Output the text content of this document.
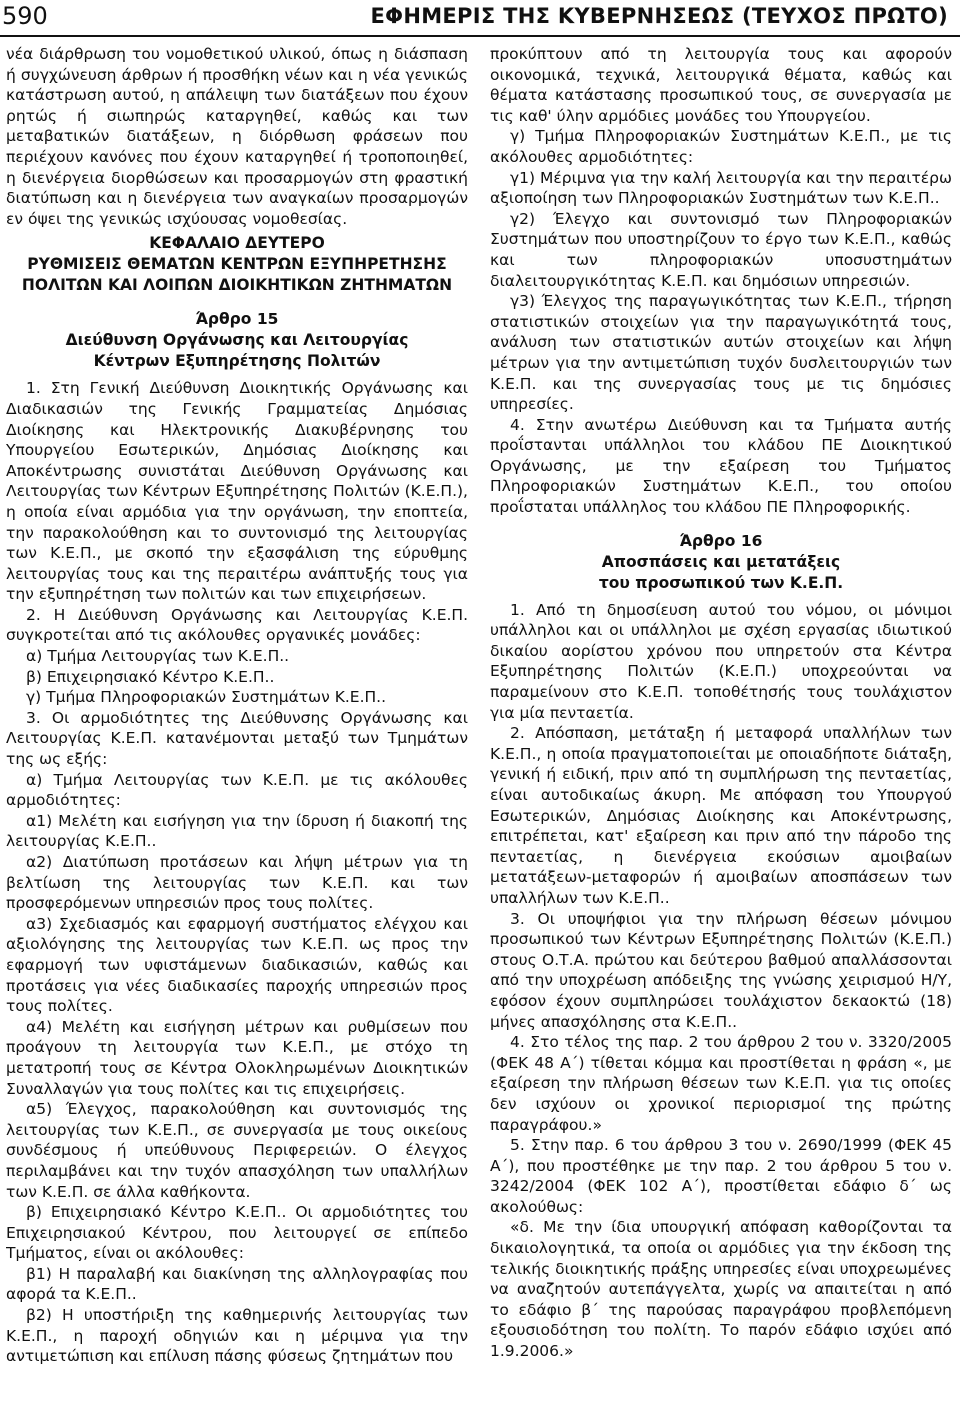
590	ΕΦΗΜΕΡΙΣ ΤΗΣ ΚΥΒΕΡΝΗΣΕΩΣ (ΤΕΥΧΟΣ ΠΡΩΤΟ)

νέα διάρθρωση του νομοθετικού υλικού, όπως η διάσπαση ή συγχώνευση άρθρων ή προσθήκη νέων και η νέα γενικώς κατάστρωση αυτού, η απάλειψη των διατάξεων που έχουν ρητώς ή σιωπηρώς καταργηθεί, καθώς και των μεταβατικών διατάξεων, η διόρθωση φράσεων που περιέχουν κανόνες που έχουν καταργηθεί ή τροποποιηθεί, η διενέργεια διορθώσεων και προσαρμογών στη φραστική διατύπωση και η διενέργεια των αναγκαίων προσαρμογών εν όψει της γενικώς ισχύουσας νομοθεσίας.

ΚΕΦΑΛΑΙΟ ΔΕΥΤΕΡΟ
ΡΥΘΜΙΣΕΙΣ ΘΕΜΑΤΩΝ ΚΕΝΤΡΩΝ ΕΞΥΠΗΡΕΤΗΣΗΣ
ΠΟΛΙΤΩΝ ΚΑΙ ΛΟΙΠΩΝ ΔΙΟΙΚΗΤΙΚΩΝ ΖΗΤΗΜΑΤΩΝ
Άρθρο 15
Διεύθυνση Οργάνωσης και Λειτουργίας
Κέντρων Εξυπηρέτησης Πολιτών

1. Στη Γενική Διεύθυνση Διοικητικής Οργάνωσης και Διαδικασιών της Γενικής Γραμματείας Δημόσιας Διοίκησης και Ηλεκτρονικής Διακυβέρνησης του Υπουργείου Εσωτερικών, Δημόσιας Διοίκησης και Αποκέντρωσης συνιστάται Διεύθυνση Οργάνωσης και Λειτουργίας των Κέντρων Εξυπηρέτησης Πολιτών (Κ.Ε.Π.), η οποία είναι αρμόδια για την οργάνωση, την εποπτεία, την παρακολούθηση και το συντονισμό της λειτουργίας των Κ.Ε.Π., με σκοπό την εξασφάλιση της εύρυθμης λειτουργίας τους και της περαιτέρω ανάπτυξής τους για την εξυπηρέτηση των πολιτών και των επιχειρήσεων.

2. Η Διεύθυνση Οργάνωσης και Λειτουργίας Κ.Ε.Π. συγκροτείται από τις ακόλουθες οργανικές μονάδες:

α) Τμήμα Λειτουργίας των Κ.Ε.Π..

β) Επιχειρησιακό Κέντρο Κ.Ε.Π..

γ) Τμήμα Πληροφοριακών Συστημάτων Κ.Ε.Π..

3. Οι αρμοδιότητες της Διεύθυνσης Οργάνωσης και Λειτουργίας Κ.Ε.Π. κατανέμονται μεταξύ των Τμημάτων της ως εξής:

α) Τμήμα Λειτουργίας των Κ.Ε.Π. με τις ακόλουθες αρμοδιότητες:

α1) Μελέτη και εισήγηση για την ίδρυση ή διακοπή της λειτουργίας Κ.Ε.Π..

α2) Διατύπωση προτάσεων και λήψη μέτρων για τη βελτίωση της λειτουργίας των Κ.Ε.Π. και των προσφερόμενων υπηρεσιών προς τους πολίτες.

α3) Σχεδιασμός και εφαρμογή συστήματος ελέγχου και αξιολόγησης της λειτουργίας των Κ.Ε.Π. ως προς την εφαρμογή των υφιστάμενων διαδικασιών, καθώς και προτάσεις για νέες διαδικασίες παροχής υπηρεσιών προς τους πολίτες.

α4) Μελέτη και εισήγηση μέτρων και ρυθμίσεων που προάγουν τη λειτουργία των Κ.Ε.Π., με στόχο τη μετατροπή τους σε Κέντρα Ολοκληρωμένων Διοικητικών Συναλλαγών για τους πολίτες και τις επιχειρήσεις.

α5) Έλεγχος, παρακολούθηση και συντονισμός της λειτουργίας των Κ.Ε.Π., σε συνεργασία με τους οικείους συνδέσμους ή υπεύθυνους Περιφερειών. Ο έλεγχος περιλαμβάνει και την τυχόν απασχόληση των υπαλλήλων των Κ.Ε.Π. σε άλλα καθήκοντα.

β) Επιχειρησιακό Κέντρο Κ.Ε.Π.. Οι αρμοδιότητες του Επιχειρησιακού Κέντρου, που λειτουργεί σε επίπεδο Τμήματος, είναι οι ακόλουθες:

β1) Η παραλαβή και διακίνηση της αλληλογραφίας που αφορά τα Κ.Ε.Π..

β2) Η υποστήριξη της καθημερινής λειτουργίας των Κ.Ε.Π., η παροχή οδηγιών και η μέριμνα για την αντιμετώπιση και επίλυση πάσης φύσεως ζητημάτων που

προκύπτουν από τη λειτουργία τους και αφορούν οικονομικά, τεχνικά, λειτουργικά θέματα, καθώς και θέματα κατάστασης προσωπικού τους, σε συνεργασία με τις καθ' ύλην αρμόδιες μονάδες του Υπουργείου.

γ) Τμήμα Πληροφοριακών Συστημάτων Κ.Ε.Π., με τις ακόλουθες αρμοδιότητες:

γ1) Μέριμνα για την καλή λειτουργία και την περαιτέρω αξιοποίηση των Πληροφοριακών Συστημάτων των Κ.Ε.Π..

γ2) Έλεγχο και συντονισμό των Πληροφοριακών Συστημάτων που υποστηρίζουν το έργο των Κ.Ε.Π., καθώς και των πληροφοριακών υποσυστημάτων διαλειτουργικότητας Κ.Ε.Π. και δημόσιων υπηρεσιών.

γ3) Έλεγχος της παραγωγικότητας των Κ.Ε.Π., τήρηση στατιστικών στοιχείων για την παραγωγικότητά τους, ανάλυση των στατιστικών αυτών στοιχείων και λήψη μέτρων για την αντιμετώπιση τυχόν δυσλειτουργιών των Κ.Ε.Π. και της συνεργασίας τους με τις δημόσιες υπηρεσίες.

4. Στην ανωτέρω Διεύθυνση και τα Τμήματα αυτής προΐστανται υπάλληλοι του κλάδου ΠΕ Διοικητικού Οργάνωσης, με την εξαίρεση του Τμήματος Πληροφοριακών Συστημάτων Κ.Ε.Π., του οποίου προΐσταται υπάλληλος του κλάδου ΠΕ Πληροφορικής.

Άρθρο 16
Αποσπάσεις και μετατάξεις
του προσωπικού των Κ.Ε.Π.

1. Από τη δημοσίευση αυτού του νόμου, οι μόνιμοι υπάλληλοι και οι υπάλληλοι με σχέση εργασίας ιδιωτικού δικαίου αορίστου χρόνου που υπηρετούν στα Κέντρα Εξυπηρέτησης Πολιτών (Κ.Ε.Π.) υποχρεούνται να παραμείνουν στο Κ.Ε.Π. τοποθέτησής τους τουλάχιστον για μία πενταετία.

2. Απόσπαση, μετάταξη ή μεταφορά υπαλλήλων των Κ.Ε.Π., η οποία πραγματοποιείται με οποιαδήποτε διάταξη, γενική ή ειδική, πριν από τη συμπλήρωση της πενταετίας, είναι αυτοδικαίως άκυρη. Με απόφαση του Υπουργού Εσωτερικών, Δημόσιας Διοίκησης και Αποκέντρωσης, επιτρέπεται, κατ' εξαίρεση και πριν από την πάροδο της πενταετίας, η διενέργεια εκούσιων αμοιβαίων μετατάξεων-μεταφορών ή αμοιβαίων αποσπάσεων των υπαλλήλων των Κ.Ε.Π..

3. Οι υποψήφιοι για την πλήρωση θέσεων μόνιμου προσωπικού των Κέντρων Εξυπηρέτησης Πολιτών (Κ.Ε.Π.) στους Ο.Τ.Α. πρώτου και δεύτερου βαθμού απαλλάσσονται από την υποχρέωση απόδειξης της γνώσης χειρισμού Η/Υ, εφόσον έχουν συμπληρώσει τουλάχιστον δεκαοκτώ (18) μήνες απασχόλησης στα Κ.Ε.Π..

4. Στο τέλος της παρ. 2 του άρθρου 2 του ν. 3320/2005 (ΦΕΚ 48 Α΄) τίθεται κόμμα και προστίθεται η φράση «, με εξαίρεση την πλήρωση θέσεων των Κ.Ε.Π. για τις οποίες δεν ισχύουν οι χρονικοί περιορισμοί της πρώτης παραγράφου.»

5. Στην παρ. 6 του άρθρου 3 του ν. 2690/1999 (ΦΕΚ 45 Α΄), που προστέθηκε με την παρ. 2 του άρθρου 5 του ν. 3242/2004 (ΦΕΚ 102 Α΄), προστίθεται εδάφιο δ΄ ως ακολούθως:

«δ. Με την ίδια υπουργική απόφαση καθορίζονται τα δικαιολογητικά, τα οποία οι αρμόδιες για την έκδοση της τελικής διοικητικής πράξης υπηρεσίες είναι υποχρεωμένες να αναζητούν αυτεπάγγελτα, χωρίς να απαιτείται η από το εδάφιο β΄ της παρούσας παραγράφου προβλεπόμενη εξουσιοδότηση του πολίτη. Το παρόν εδάφιο ισχύει από 1.9.2006.»
